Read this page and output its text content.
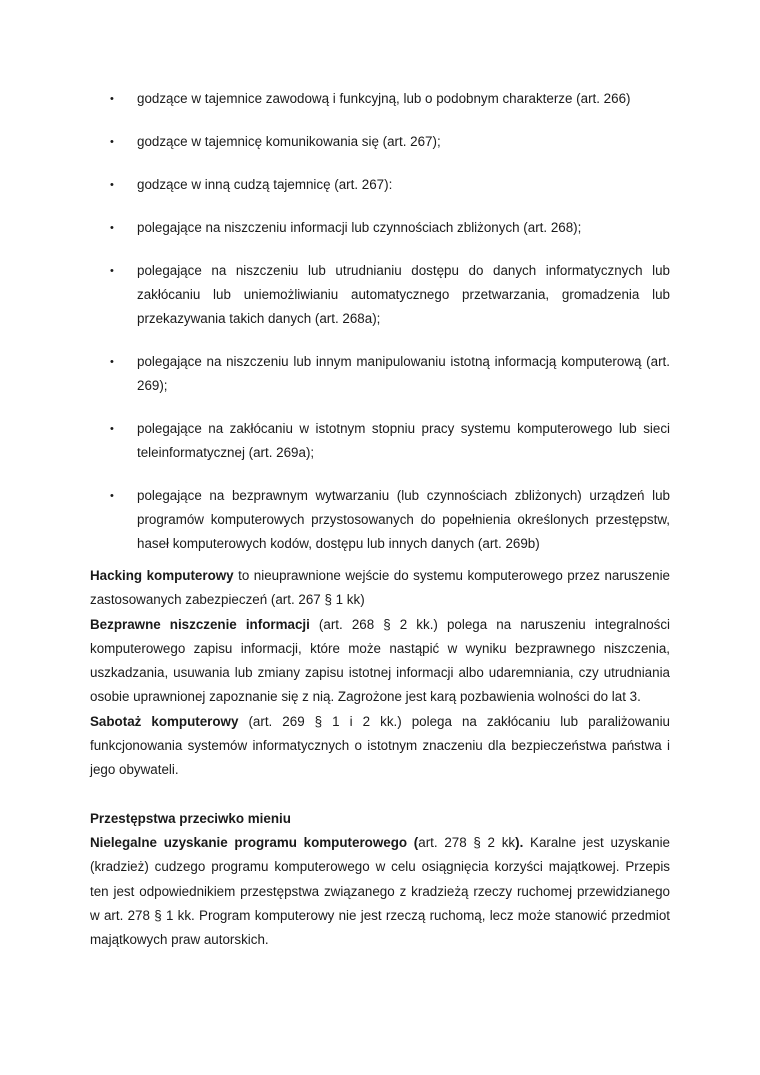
• godzące w tajemnice zawodową i funkcyjną, lub o podobnym charakterze (art. 266)
• godzące w tajemnicę komunikowania się (art. 267);
• godzące w inną cudzą tajemnicę (art. 267):
• polegające na niszczeniu informacji lub czynnościach zbliżonych (art. 268);
• polegające na niszczeniu lub utrudnianiu dostępu do danych informatycznych lub zakłócaniu lub uniemożliwianiu automatycznego przetwarzania, gromadzenia lub przekazywania takich danych (art. 268a);
• polegające na niszczeniu lub innym manipulowaniu istotną informacją komputerową (art. 269);
• polegające na zakłócaniu w istotnym stopniu pracy systemu komputerowego lub sieci teleinformatycznej (art. 269a);
• polegające na bezprawnym wytwarzaniu (lub czynnościach zbliżonych) urządzeń lub programów komputerowych przystosowanych do popełnienia określonych przestępstw, haseł komputerowych kodów, dostępu lub innych danych (art. 269b)

Hacking komputerowy to nieuprawnione wejście do systemu komputerowego przez naruszenie zastosowanych zabezpieczeń (art. 267 § 1 kk)

Bezprawne niszczenie informacji (art. 268 § 2 kk.) polega na naruszeniu integralności komputerowego zapisu informacji, które może nastąpić w wyniku bezprawnego niszczenia, uszkadzania, usuwania lub zmiany zapisu istotnej informacji albo udaremniania, czy utrudniania osobie uprawnionej zapoznanie się z nią. Zagrożone jest karą pozbawienia wolności do lat 3.

Sabotaż komputerowy (art. 269 § 1 i 2 kk.) polega na zakłócaniu lub paraliżowaniu funkcjonowania systemów informatycznych o istotnym znaczeniu dla bezpieczeństwa państwa i jego obywateli.

Przestępstwa przeciwko mieniu

Nielegalne uzyskanie programu komputerowego (art. 278 § 2 kk). Karalne jest uzyskanie (kradzież) cudzego programu komputerowego w celu osiągnięcia korzyści majątkowej. Przepis ten jest odpowiednikiem przestępstwa związanego z kradzieżą rzeczy ruchomej przewidzianego w art. 278 § 1 kk. Program komputerowy nie jest rzeczą ruchomą, lecz może stanowić przedmiot majątkowych praw autorskich.
